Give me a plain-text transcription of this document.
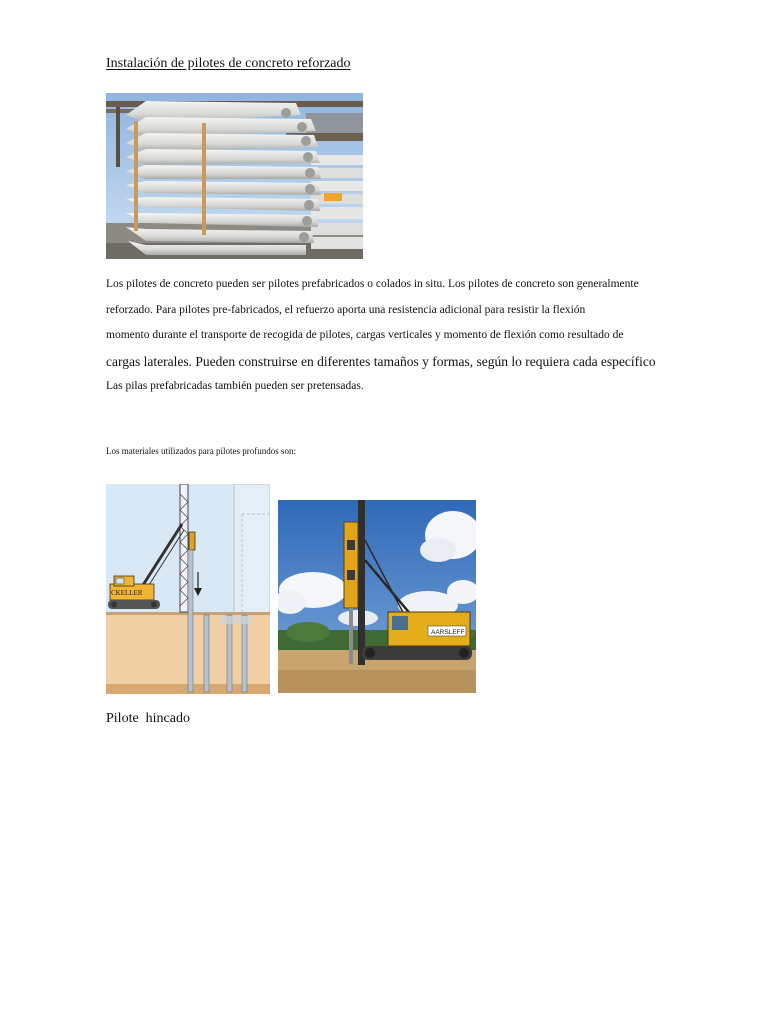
Instalación de pilotes de concreto reforzado
Los pilotes de concreto pueden ser pilotes prefabricados o colados in situ. Los pilotes de concreto son generalmente
reforzado. Para pilotes pre-fabricados, el refuerzo aporta una resistencia adicional para resistir la flexión
momento durante el transporte de recogida de pilotes, cargas verticales y momento de flexión como resultado de
cargas laterales. Pueden construirse en diferentes tamaños y formas, según lo requiera cada específico
Las pilas prefabricadas también pueden ser pretensadas.
Los materiales utilizados para pilotes profundos son:
CKELLER
AARSLEFF
Pilote  hincado
